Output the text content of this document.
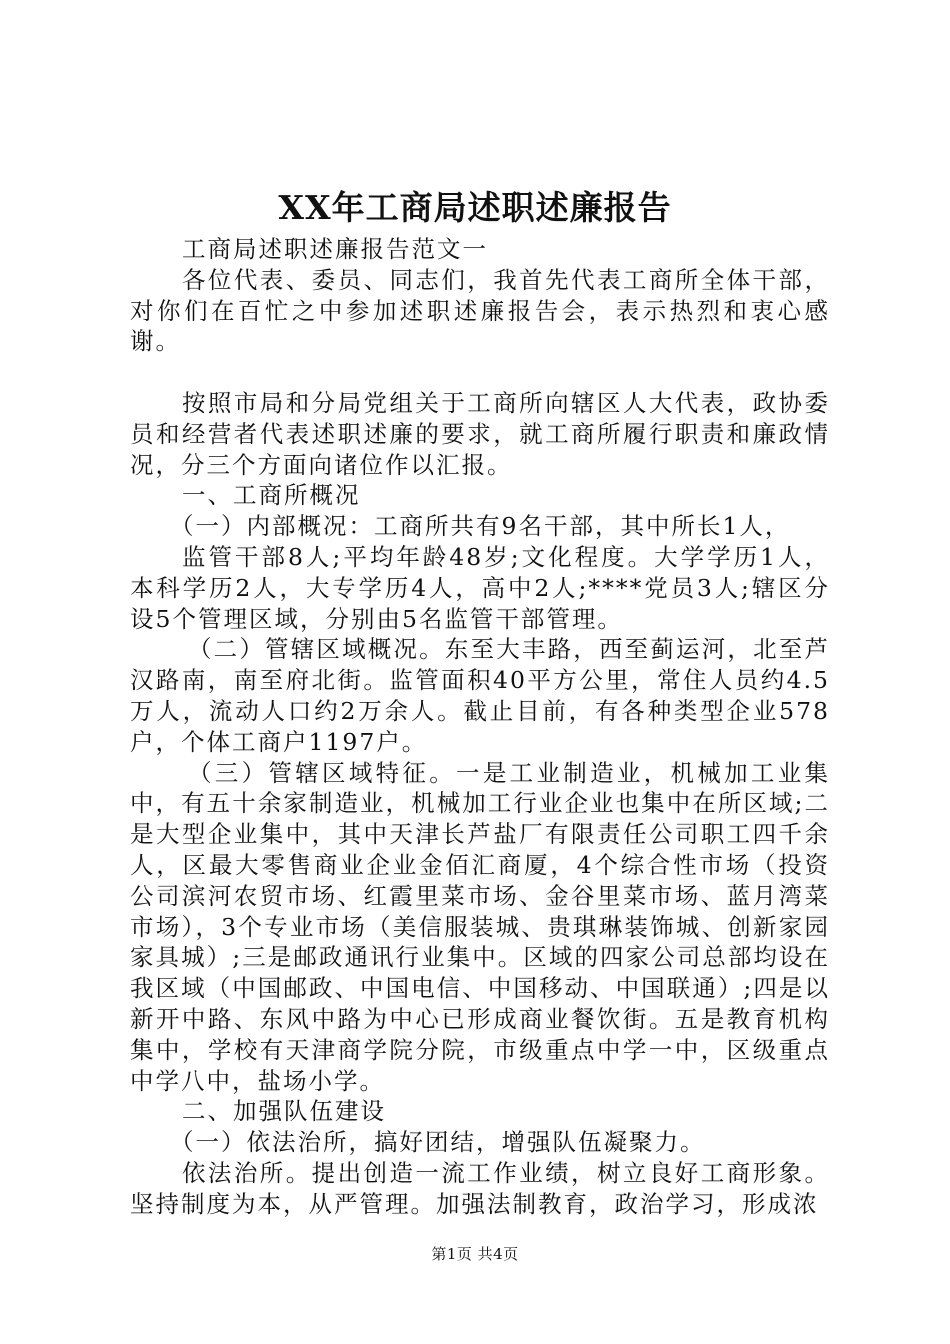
XX年工商局述职述廉报告

工商局述职述廉报告范文一

各位代表、委员、同志们，我首先代表工商所全体干部，对你们在百忙之中参加述职述廉报告会，表示热烈和衷心感谢。

按照市局和分局党组关于工商所向辖区人大代表，政协委员和经营者代表述职述廉的要求，就工商所履行职责和廉政情况，分三个方面向诸位作以汇报。

一、工商所概况

（一）内部概况：工商所共有9名干部，其中所长1人，

监管干部8人;平均年龄48岁;文化程度。大学学历1人，本科学历2人，大专学历4人，高中2人;****党员3人;辖区分设5个管理区域，分别由5名监管干部管理。

（二）管辖区域概况。东至大丰路，西至蓟运河，北至芦汉路南，南至府北街。监管面积40平方公里，常住人员约4.5万人，流动人口约2万余人。截止目前，有各种类型企业578户，个体工商户1197户。

（三）管辖区域特征。一是工业制造业，机械加工业集中，有五十余家制造业，机械加工行业企业也集中在所区域;二是大型企业集中，其中天津长芦盐厂有限责任公司职工四千余人，区最大零售商业企业金佰汇商厦，4个综合性市场（投资公司滨河农贸市场、红霞里菜市场、金谷里菜市场、蓝月湾菜市场），3个专业市场（美信服装城、贵琪琳装饰城、创新家园家具城）;三是邮政通讯行业集中。区域的四家公司总部均设在我区域（中国邮政、中国电信、中国移动、中国联通）;四是以新开中路、东风中路为中心已形成商业餐饮街。五是教育机构集中，学校有天津商学院分院，市级重点中学一中，区级重点中学八中，盐场小学。

二、加强队伍建设

（一）依法治所，搞好团结，增强队伍凝聚力。

依法治所。提出创造一流工作业绩，树立良好工商形象。坚持制度为本，从严管理。加强法制教育，政治学习，形成浓

第1页 共4页
